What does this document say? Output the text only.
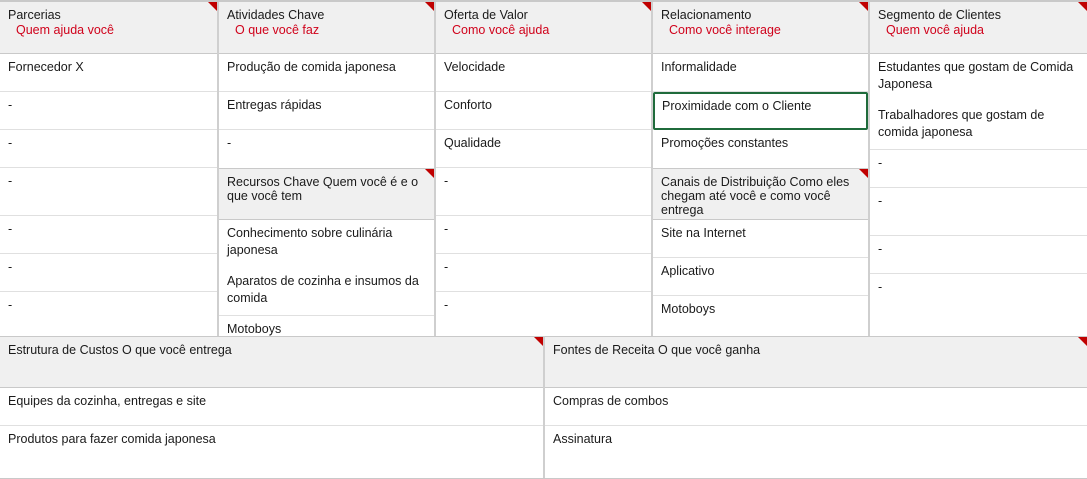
Parcerias
Quem ajuda você
Fornecedor X
-
-
-
-
-
-
Atividades Chave
O que você faz
Produção de comida japonesa
Entregas rápidas
-
Recursos Chave Quem você é e o que você tem
Conhecimento sobre culinária japonesa
Aparatos de cozinha e insumos da comida
Motoboys
Oferta de Valor
Como você ajuda
Velocidade
Conforto
Qualidade
-
-
-
-
Relacionamento
Como você interage
Informalidade
Proximidade com o Cliente
Promoções constantes
Canais de Distribuição Como eles chegam até você e como você entrega
Site na Internet
Aplicativo
Motoboys
Segmento de Clientes
Quem você ajuda
Estudantes que gostam de Comida Japonesa
Trabalhadores que gostam de comida japonesa
-
-
-
-
Estrutura de Custos O que você entrega
Equipes da cozinha, entregas e site
Produtos para fazer comida japonesa
Fontes de Receita O que você ganha
Compras de combos
Assinatura
